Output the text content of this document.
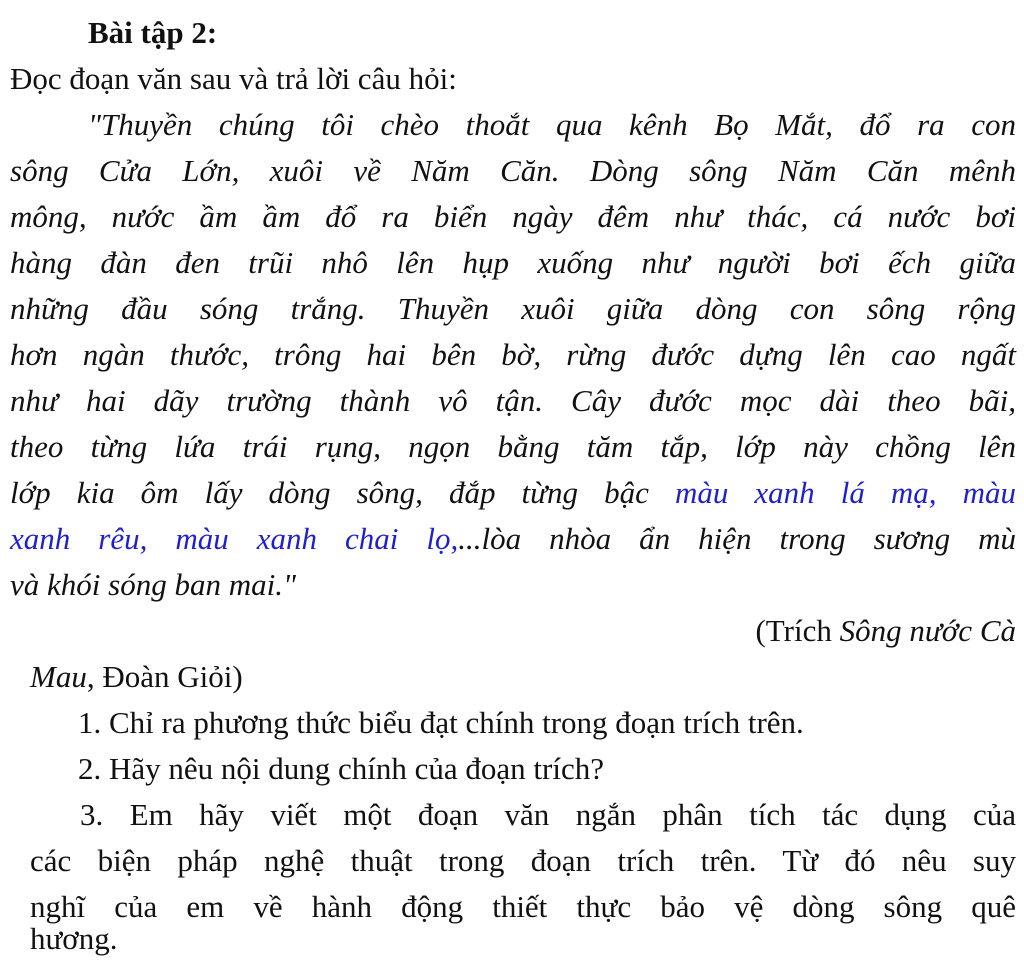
Bài tập 2:
Đọc đoạn văn sau và trả lời câu hỏi:
"Thuyền chúng tôi chèo thoắt qua kênh Bọ Mắt, đổ ra con
sông Cửa Lớn, xuôi về Năm Căn. Dòng sông Năm Căn mênh
mông, nước ầm ầm đổ ra biển ngày đêm như thác, cá nước bơi
hàng đàn đen trũi nhô lên hụp xuống như người bơi ếch giữa
những đầu sóng trắng. Thuyền xuôi giữa dòng con sông rộng
hơn ngàn thước, trông hai bên bờ, rừng đước dựng lên cao ngất
như hai dãy trường thành vô tận. Cây đước mọc dài theo bãi,
theo từng lứa trái rụng, ngọn bằng tăm tắp, lớp này chồng lên
lớp kia ôm lấy dòng sông, đắp từng bậc màu xanh lá mạ, màu
xanh rêu, màu xanh chai lọ,...lòa nhòa ẩn hiện trong sương mù
và khói sóng ban mai."
(Trích Sông nước Cà
Mau, Đoàn Giỏi)
1. Chỉ ra phương thức biểu đạt chính trong đoạn trích trên.
2. Hãy nêu nội dung chính của đoạn trích?
3. Em hãy viết một đoạn văn ngắn phân tích tác dụng của
các biện pháp nghệ thuật trong đoạn trích trên. Từ đó nêu suy
nghĩ của em về hành động thiết thực bảo vệ dòng sông quê
hương.
